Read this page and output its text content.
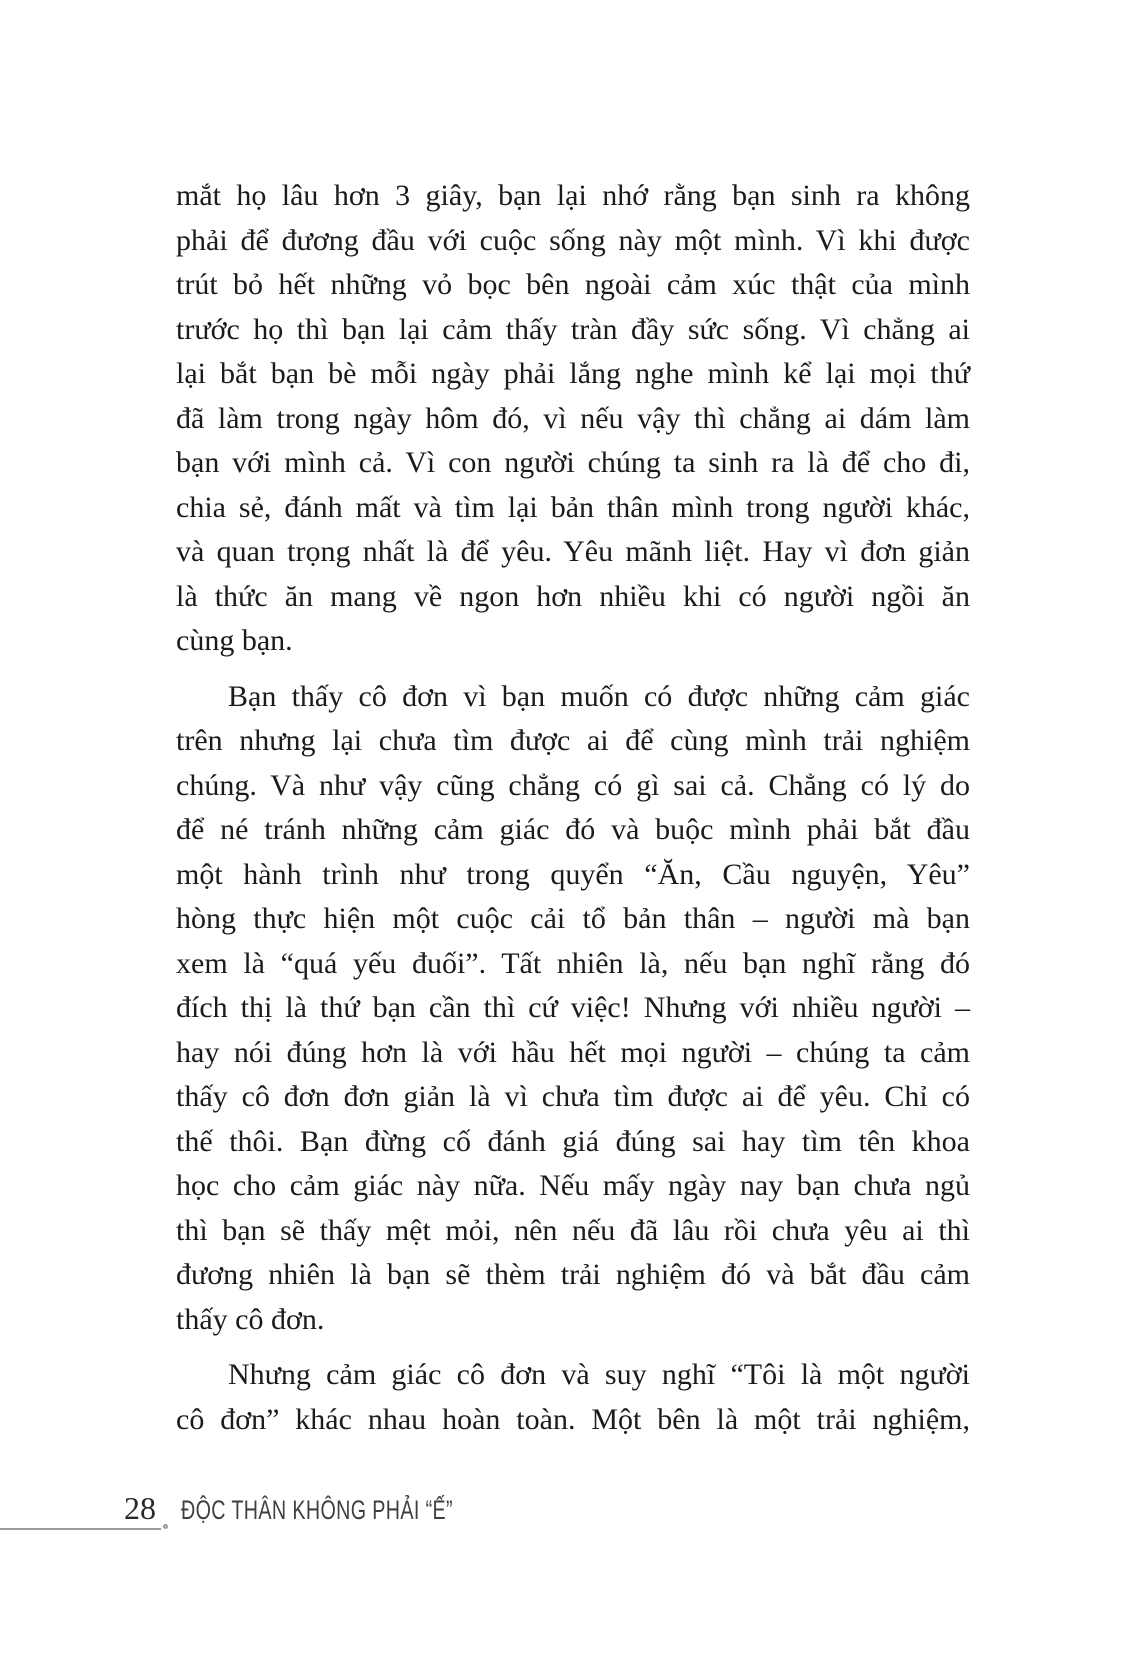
mắt họ lâu hơn 3 giây, bạn lại nhớ rằng bạn sinh ra không
phải để đương đầu với cuộc sống này một mình. Vì khi được
trút bỏ hết những vỏ bọc bên ngoài cảm xúc thật của mình
trước họ thì bạn lại cảm thấy tràn đầy sức sống. Vì chẳng ai
lại bắt bạn bè mỗi ngày phải lắng nghe mình kể lại mọi thứ
đã làm trong ngày hôm đó, vì nếu vậy thì chẳng ai dám làm
bạn với mình cả. Vì con người chúng ta sinh ra là để cho đi,
chia sẻ, đánh mất và tìm lại bản thân mình trong người khác,
và quan trọng nhất là để yêu. Yêu mãnh liệt. Hay vì đơn giản
là thức ăn mang về ngon hơn nhiều khi có người ngồi ăn
cùng bạn.

Bạn thấy cô đơn vì bạn muốn có được những cảm giác
trên nhưng lại chưa tìm được ai để cùng mình trải nghiệm
chúng. Và như vậy cũng chẳng có gì sai cả. Chẳng có lý do
để né tránh những cảm giác đó và buộc mình phải bắt đầu
một hành trình như trong quyển “Ăn, Cầu nguyện, Yêu”
hòng thực hiện một cuộc cải tổ bản thân – người mà bạn
xem là “quá yếu đuối”. Tất nhiên là, nếu bạn nghĩ rằng đó
đích thị là thứ bạn cần thì cứ việc! Nhưng với nhiều người –
hay nói đúng hơn là với hầu hết mọi người – chúng ta cảm
thấy cô đơn đơn giản là vì chưa tìm được ai để yêu. Chỉ có
thế thôi. Bạn đừng cố đánh giá đúng sai hay tìm tên khoa
học cho cảm giác này nữa. Nếu mấy ngày nay bạn chưa ngủ
thì bạn sẽ thấy mệt mỏi, nên nếu đã lâu rồi chưa yêu ai thì
đương nhiên là bạn sẽ thèm trải nghiệm đó và bắt đầu cảm
thấy cô đơn.

Nhưng cảm giác cô đơn và suy nghĩ “Tôi là một người
cô đơn” khác nhau hoàn toàn. Một bên là một trải nghiệm,

28 ĐỘC THÂN KHÔNG PHẢI “Ế”
